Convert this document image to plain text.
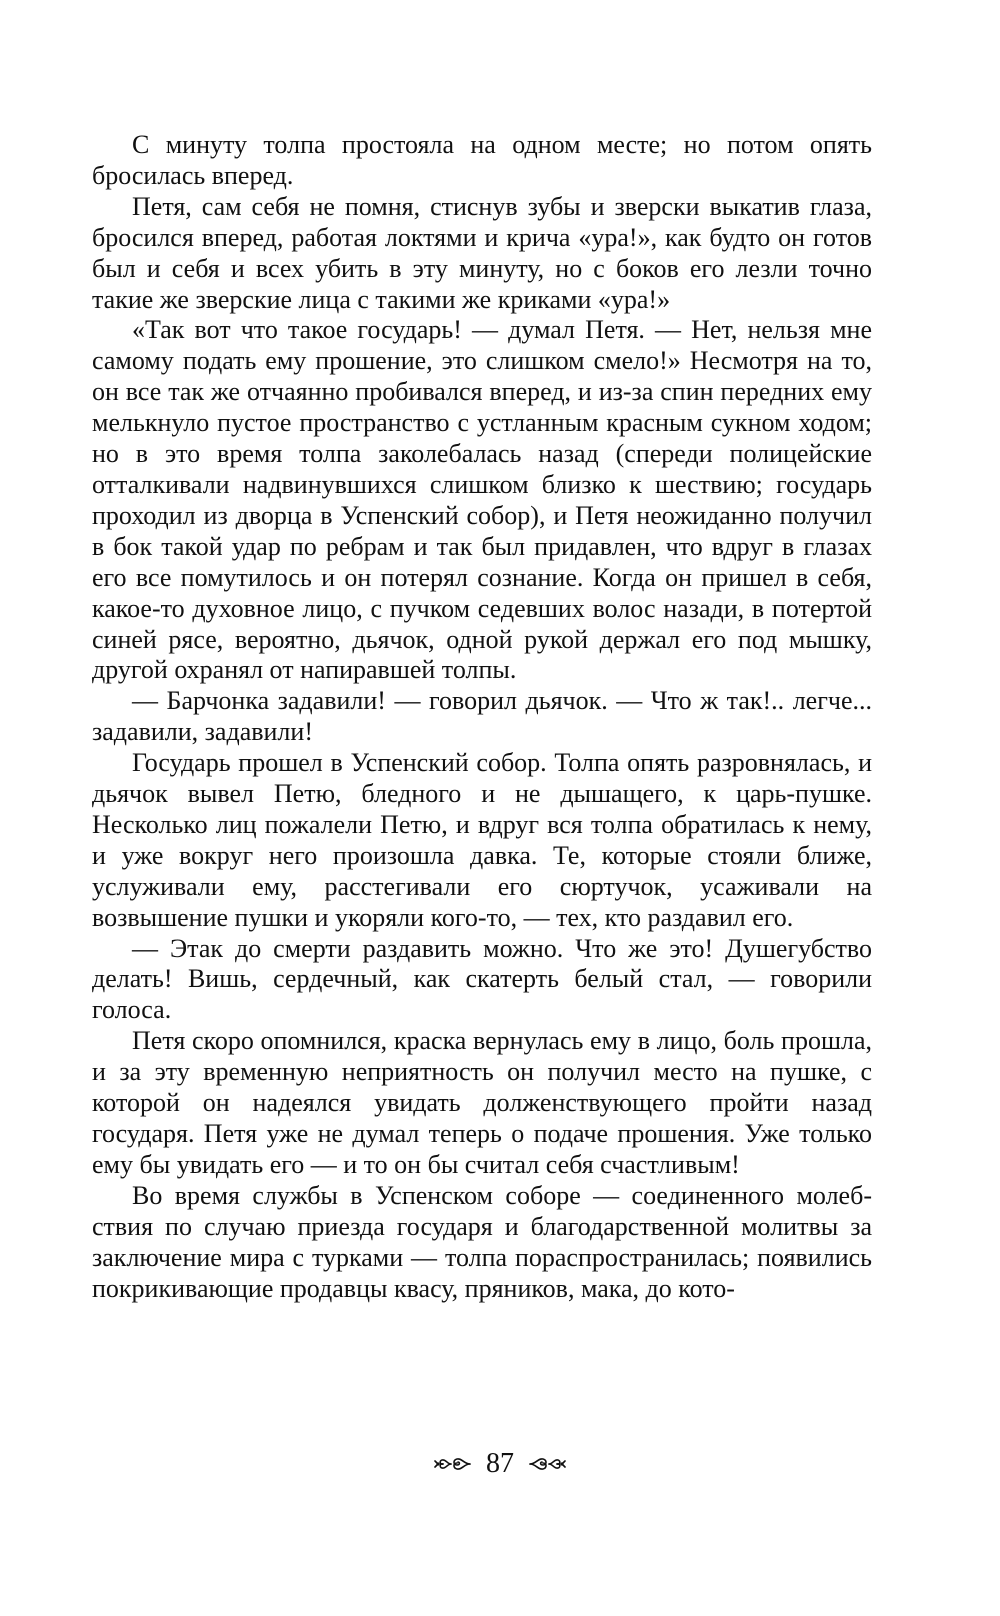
С минуту толпа простояла на одном месте; но потом опять бросилась вперед.

Петя, сам себя не помня, стиснув зубы и зверски выкатив глаза, бросился вперед, работая локтями и крича «ура!», как будто он готов был и себя и всех убить в эту минуту, но с боков его лезли точно такие же зверские лица с такими же криками «ура!»

«Так вот что такое государь! — думал Петя. — Нет, нельзя мне самому подать ему прошение, это слишком смело!» Несмотря на то, он все так же отчаянно пробивался вперед, и из-за спин передних ему мелькнуло пустое пространство с устланным красным сукном ходом; но в это время толпа заколебалась назад (спереди полицейские отталкивали надвинувшихся слишком близко к шествию; государь проходил из дворца в Успенский собор), и Петя неожиданно получил в бок такой удар по ребрам и так был придавлен, что вдруг в глазах его все помутилось и он потерял сознание. Когда он пришел в себя, какое-то духовное лицо, с пучком седевших волос назади, в потертой синей рясе, вероятно, дьячок, одной рукой держал его под мышку, другой охранял от напиравшей толпы.

— Барчонка задавили! — говорил дьячок. — Что ж так!.. легче... задавили, задавили!

Государь прошел в Успенский собор. Толпа опять разровнялась, и дьячок вывел Петю, бледного и не дышащего, к царь-пушке. Несколько лиц пожалели Петю, и вдруг вся толпа обратилась к нему, и уже вокруг него произошла давка. Те, которые стояли ближе, услуживали ему, расстегивали его сюртучок, усаживали на возвышение пушки и укоряли кого-то, — тех, кто раздавил его.

— Этак до смерти раздавить можно. Что же это! Душегубство делать! Вишь, сердечный, как скатерть белый стал, — говорили голоса.

Петя скоро опомнился, краска вернулась ему в лицо, боль прошла, и за эту временную неприятность он получил место на пушке, с которой он надеялся увидать долженствующего пройти назад государя. Петя уже не думал теперь о подаче прошения. Уже только ему бы увидать его — и то он бы считал себя счастливым!

Во время службы в Успенском соборе — соединенного молебствия по случаю приезда государя и благодарственной молитвы за заключение мира с турками — толпа пораспространилась; появились покрикивающие продавцы квасу, пряников, мака, до кото-

87
